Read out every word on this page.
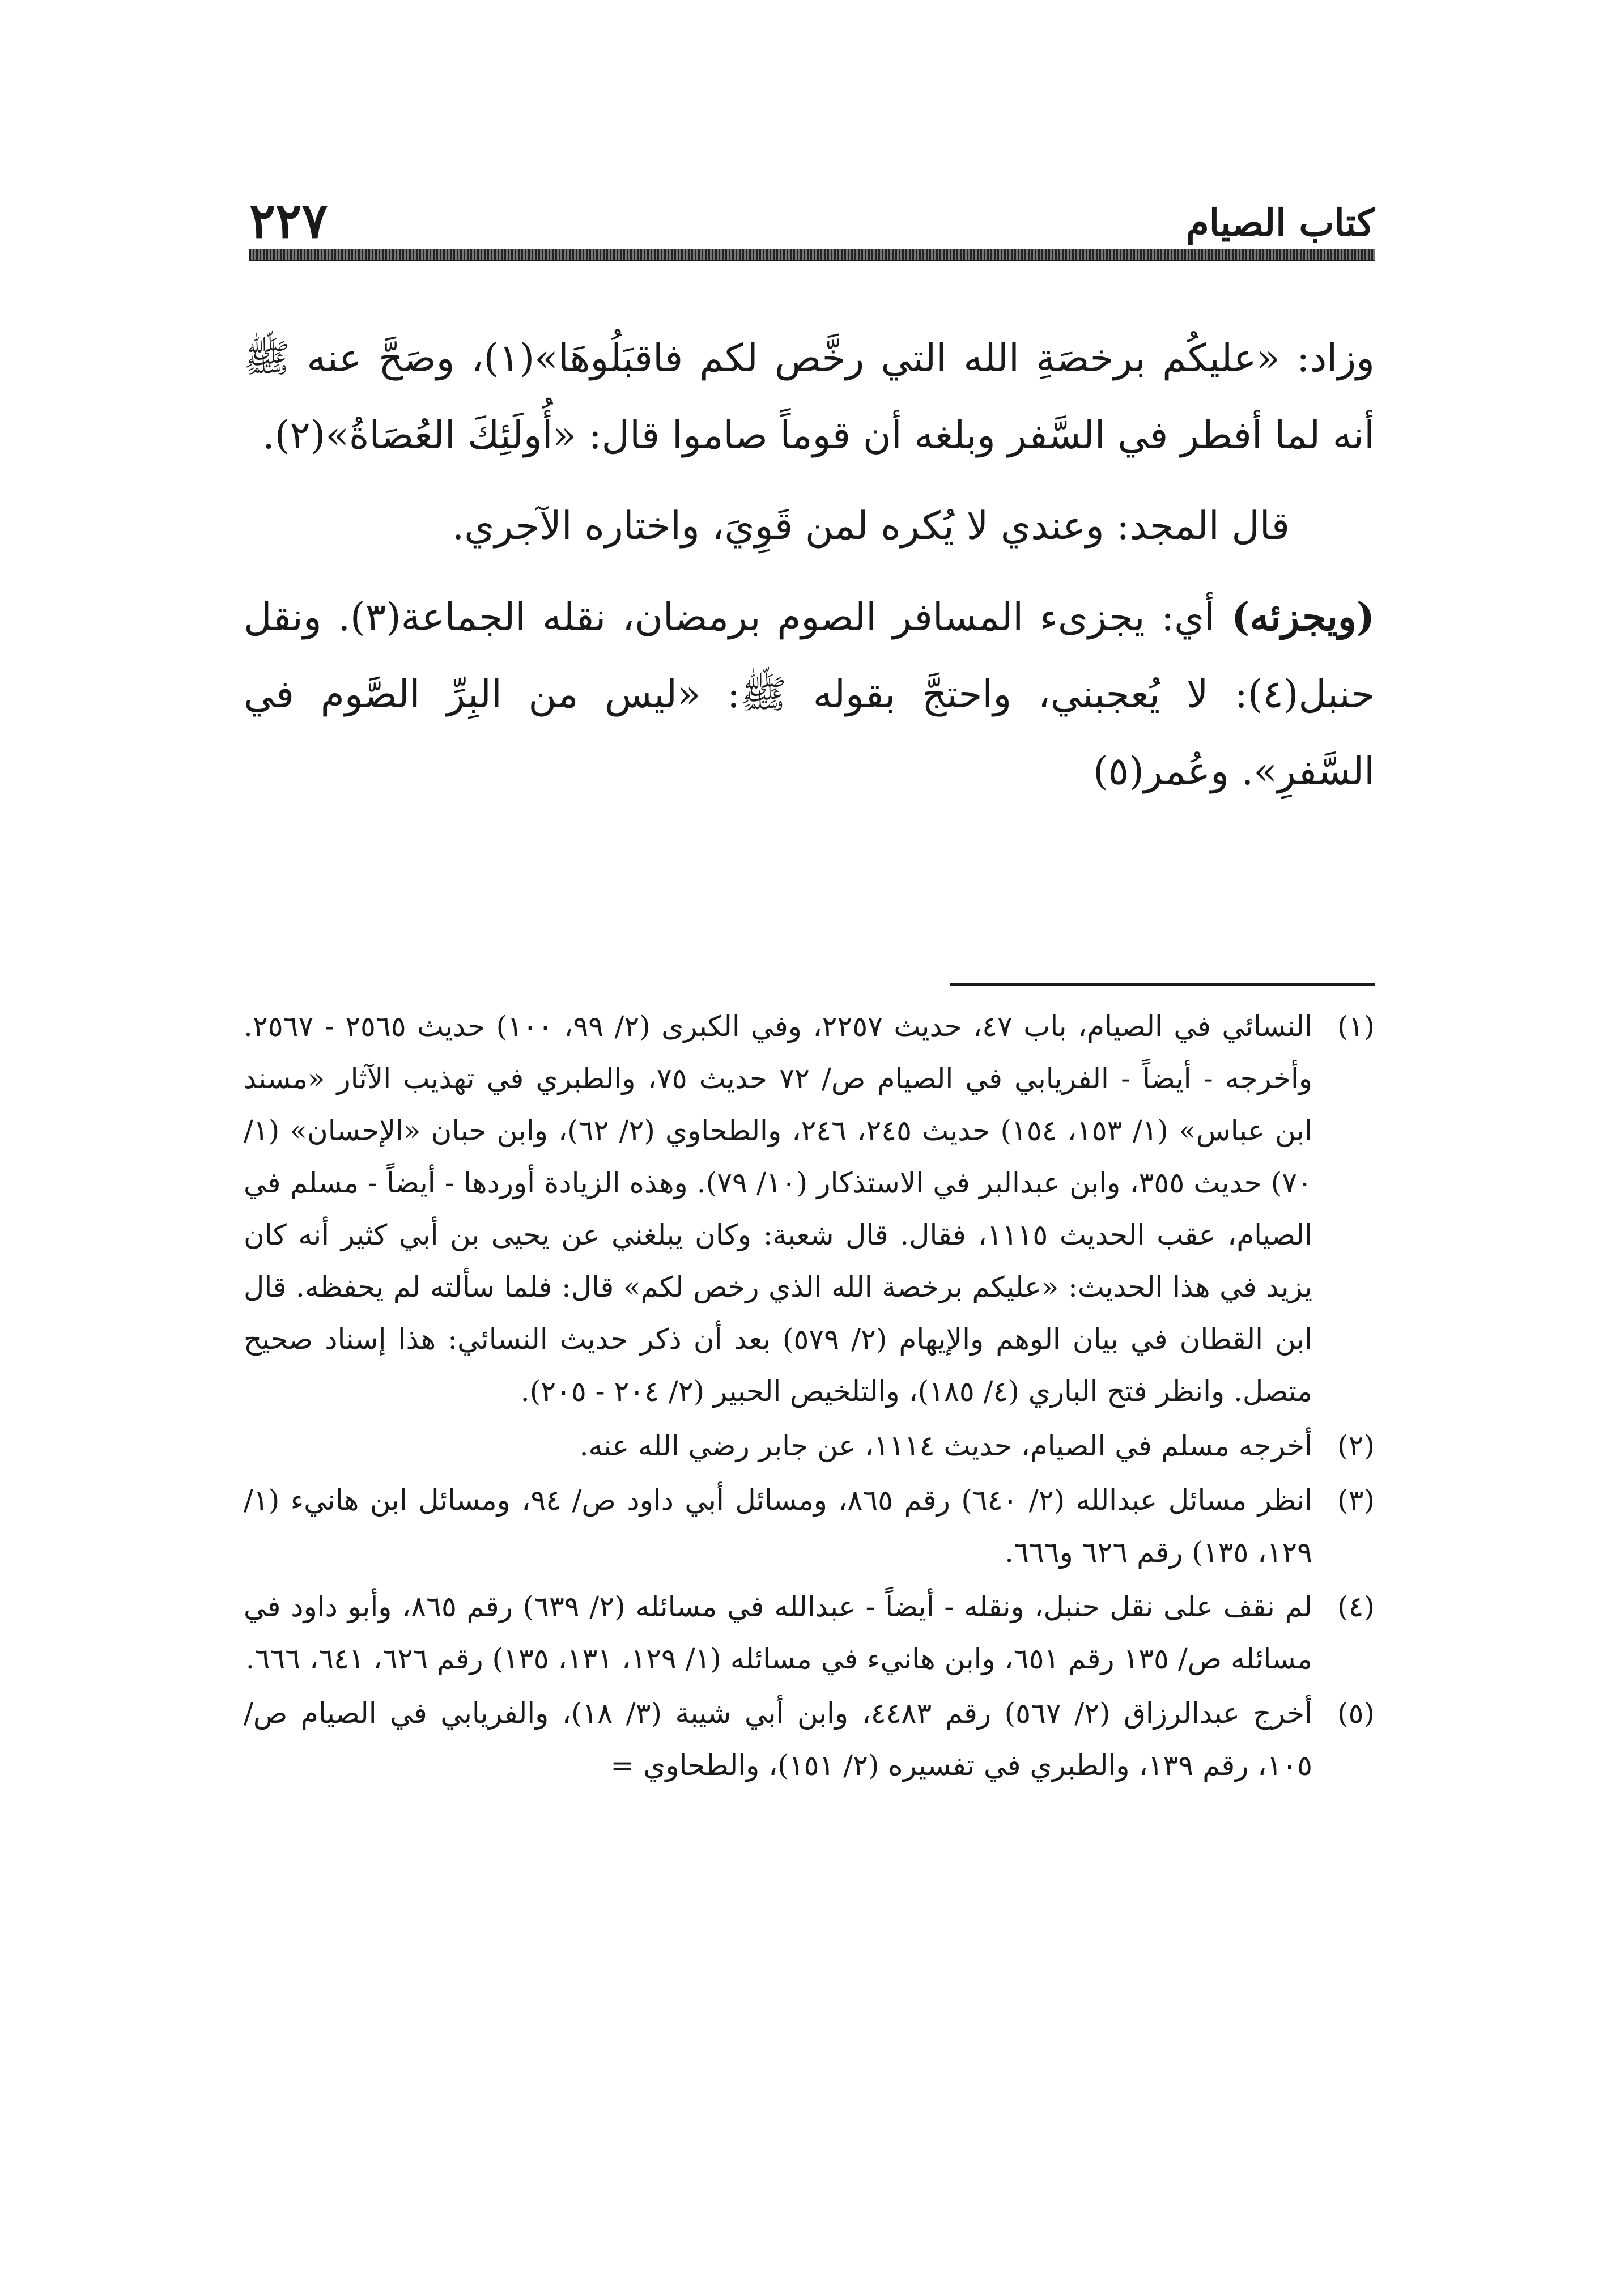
كتاب الصيام
٢٢٧

وزاد: «عليكُم برخصَةِ الله التي رخَّص لكم فاقبَلُوهَا»(١)، وصَحَّ عنه ﷺ أنه لما أفطر في السَّفر وبلغه أن قوماً صاموا قال: «أُولَئِكَ العُصَاةُ»(٢).

قال المجد: وعندي لا يُكره لمن قَوِيَ، واختاره الآجري.

(ويجزئه) أي: يجزىء المسافر الصوم برمضان، نقله الجماعة(٣). ونقل حنبل(٤): لا يُعجبني، واحتجَّ بقوله ﷺ: «ليس من البِرِّ الصَّوم في السَّفرِ». وعُمر(٥)

(١)
النسائي في الصيام، باب ٤٧، حديث ٢٢٥٧، وفي الكبرى (٢/ ٩٩، ١٠٠) حديث ٢٥٦٥ - ٢٥٦٧. وأخرجه - أيضاً - الفريابي في الصيام ص/ ٧٢ حديث ٧٥، والطبري في تهذيب الآثار «مسند ابن عباس» (١/ ١٥٣، ١٥٤) حديث ٢٤٥، ٢٤٦، والطحاوي (٢/ ٦٢)، وابن حبان «الإحسان» (١/ ٧٠) حديث ٣٥٥، وابن عبدالبر في الاستذكار (١٠/ ٧٩). وهذه الزيادة أوردها - أيضاً - مسلم في الصيام، عقب الحديث ١١١٥، فقال. قال شعبة: وكان يبلغني عن يحيى بن أبي كثير أنه كان يزيد في هذا الحديث: «عليكم برخصة الله الذي رخص لكم» قال: فلما سألته لم يحفظه. قال ابن القطان في بيان الوهم والإيهام (٢/ ٥٧٩) بعد أن ذكر حديث النسائي: هذا إسناد صحيح متصل. وانظر فتح الباري (٤/ ١٨٥)، والتلخيص الحبير (٢/ ٢٠٤ - ٢٠٥).
(٢)
أخرجه مسلم في الصيام، حديث ١١١٤، عن جابر رضي الله عنه.
(٣)
انظر مسائل عبدالله (٢/ ٦٤٠) رقم ٨٦٥، ومسائل أبي داود ص/ ٩٤، ومسائل ابن هانيء (١/ ١٢٩، ١٣٥) رقم ٦٢٦ و٦٦٦.
(٤)
لم نقف على نقل حنبل، ونقله - أيضاً - عبدالله في مسائله (٢/ ٦٣٩) رقم ٨٦٥، وأبو داود في مسائله ص/ ١٣٥ رقم ٦٥١، وابن هانيء في مسائله (١/ ١٢٩، ١٣١، ١٣٥) رقم ٦٢٦، ٦٤١، ٦٦٦.
(٥)
أخرج عبدالرزاق (٢/ ٥٦٧) رقم ٤٤٨٣، وابن أبي شيبة (٣/ ١٨)، والفريابي في الصيام ص/ ١٠٥، رقم ١٣٩، والطبري في تفسيره (٢/ ١٥١)، والطحاوي =
